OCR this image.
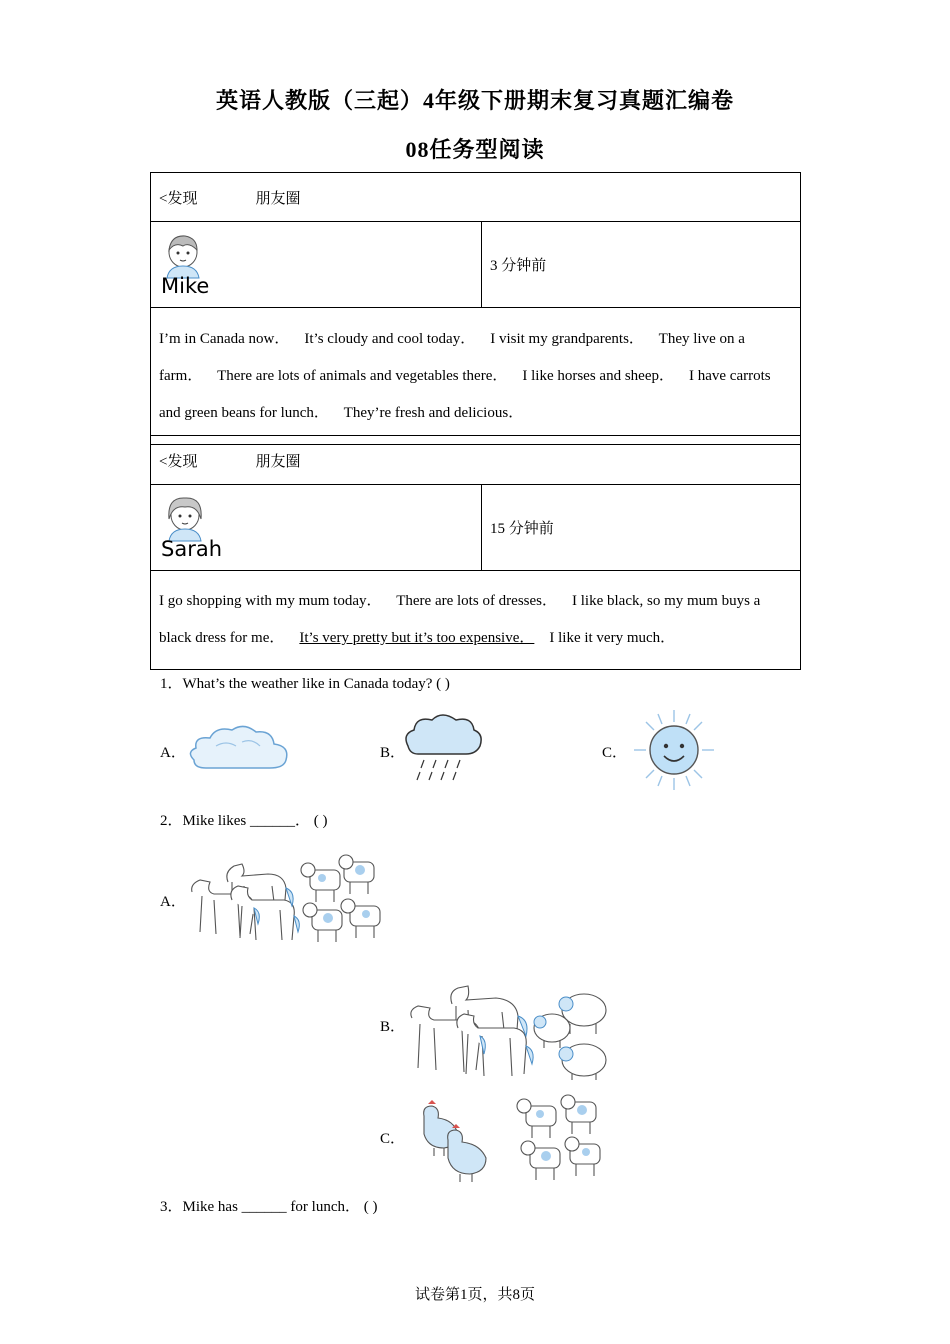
英语人教版（三起）4年级下册期末复习真题汇编卷
08任务型阅读
<发现	朋友圈

Mike
	3 分钟前
I’m in Canada now． It’s cloudy and cool today． I visit my grandparents． They live on a farm． There are lots of animals and vegetables there． I like horses and sheep． I have carrots and green beans for lunch． They’re fresh and delicious．
<发现	朋友圈

Sarah
	15 分钟前
I go shopping with my mum today． There are lots of dresses． I like black, so my mum buys a black dress for me． It’s very pretty but it’s too expensive． I like it very much．
1．What’s the weather like in Canada today? ( )
A．	B．	C．
2．Mike likes ______． ( )
A．
B．
C．
3．Mike has ______ for lunch． ( )
试卷第1页，共8页
